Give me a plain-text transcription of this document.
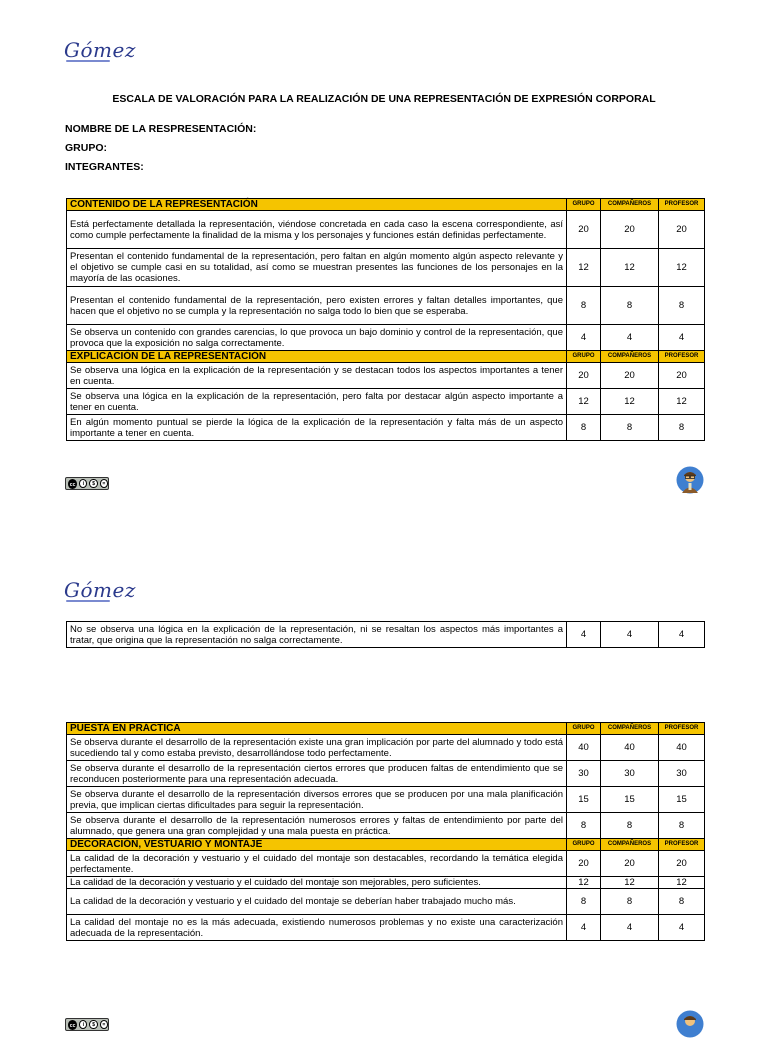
Gómez
ESCALA DE VALORACIÓN PARA LA REALIZACIÓN DE UNA REPRESENTACIÓN DE EXPRESIÓN CORPORAL
NOMBRE DE LA RESPRESENTACIÓN:
GRUPO:
INTEGRANTES:
CONTENIDO DE LA REPRESENTACIÓN	GRUPO	COMPAÑEROS	PROFESOR
Está perfectamente detallada la representación, viéndose concretada en cada caso la escena correspondiente, así como cumple perfectamente la finalidad de la misma y los personajes y funciones están definidas perfectamente.	20	20	20
Presentan el contenido fundamental de la representación, pero faltan en algún momento algún aspecto relevante y el objetivo se cumple casi en su totalidad, así como se muestran presentes las funciones de los personajes en la mayoría de las ocasiones.	12	12	12
Presentan el contenido fundamental de la representación, pero existen errores y faltan detalles importantes, que hacen que el objetivo no se cumpla y la representación no salga todo lo bien que se esperaba.	8	8	8
Se observa un contenido con grandes carencias, lo que provoca un bajo dominio y control de la representación, que provoca que la exposición no salga correctamente.	4	4	4
EXPLICACIÓN DE LA REPRESENTACIÓN	GRUPO	COMPAÑEROS	PROFESOR
Se observa una lógica en la explicación de la representación y se destacan todos los aspectos importantes a tener en cuenta.	20	20	20
Se observa una lógica en la explicación de la representación, pero falta por destacar algún aspecto importante a tener en cuenta.	12	12	12
En algún momento puntual se pierde la lógica de la explicación de la representación y falta más de un aspecto importante a tener en cuenta.	8	8	8
cc	i	$	=
Gómez
No se observa una lógica en la explicación de la representación, ni se resaltan los aspectos más importantes a tratar, que origina que la representación no salga correctamente.	4	4	4
PUESTA EN PRÁCTICA	GRUPO	COMPAÑEROS	PROFESOR
Se observa durante el desarrollo de la representación existe una gran implicación por parte del alumnado y todo está sucediendo tal y como estaba previsto, desarrollándose todo perfectamente.	40	40	40
Se observa durante el desarrollo de la representación ciertos errores que producen faltas de entendimiento que se reconducen posteriormente para una representación adecuada.	30	30	30
Se observa durante el desarrollo de la representación diversos errores que se producen por una mala planificación previa, que implican ciertas dificultades para seguir la representación.	15	15	15
Se observa durante el desarrollo de la representación numerosos errores y faltas de entendimiento por parte del alumnado, que genera una gran complejidad y una mala puesta en práctica.	8	8	8
DECORACIÓN, VESTUARIO Y MONTAJE	GRUPO	COMPAÑEROS	PROFESOR
La calidad de la decoración y vestuario y el cuidado del montaje son destacables, recordando la temática elegida perfectamente.	20	20	20
La calidad de la decoración y vestuario y el cuidado del montaje son mejorables, pero suficientes.	12	12	12
La calidad de la decoración y vestuario y el cuidado del montaje se deberían haber trabajado mucho más.	8	8	8
La calidad del montaje no es la más adecuada, existiendo numerosos problemas y no existe una caracterización adecuada de la representación.	4	4	4
cc	i	$	=
